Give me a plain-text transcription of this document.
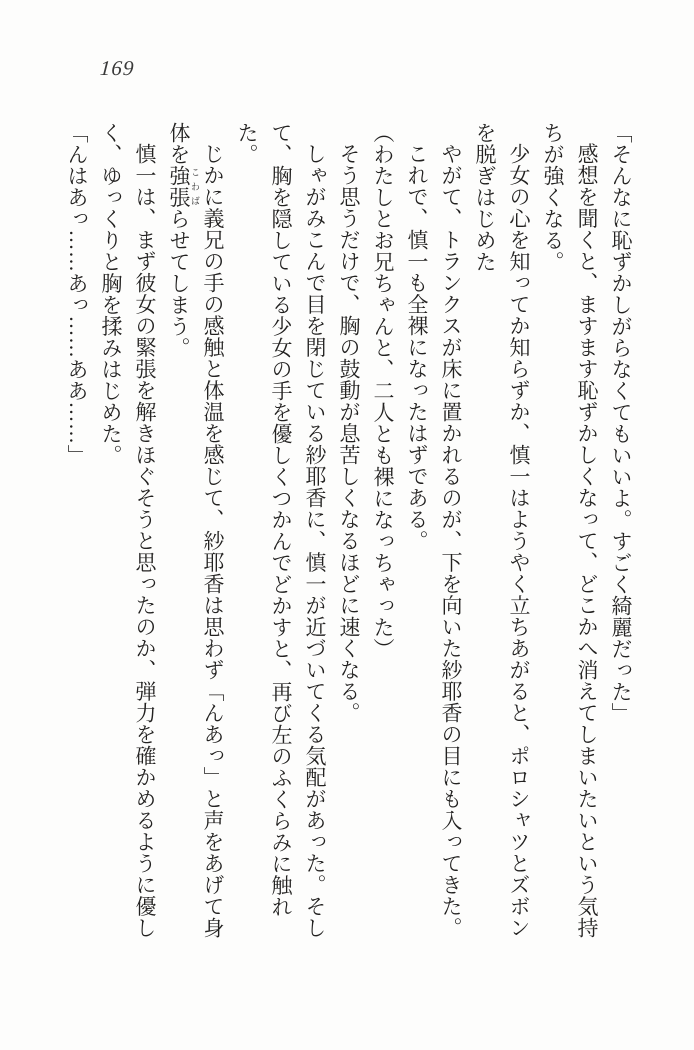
169

「そんなに恥ずかしがらなくてもいいよ。すごく綺麗だった」

感想を聞くと、ますます恥ずかしくなって、どこかへ消えてしまいたいという気持ちが強くなる。

少女の心を知ってか知らずか、慎一はようやく立ちあがると、ポロシャツとズボンを脱ぎはじめた

やがて、トランクスが床に置かれるのが、下を向いた紗耶香の目にも入ってきた。

これで、慎一も全裸になったはずである。

（わたしとお兄ちゃんと、二人とも裸になっちゃった）

そう思うだけで、胸の鼓動が息苦しくなるほどに速くなる。

しゃがみこんで目を閉じている紗耶香に、慎一が近づいてくる気配があった。そして、胸を隠している少女の手を優しくつかんでどかすと、再び左のふくらみに触れた。

じかに義兄の手の感触と体温を感じて、紗耶香は思わず「んあっ」と声をあげて身体を強張 こわばらせてしまう。

慎一は、まず彼女の緊張を解きほぐそうと思ったのか、弾力を確かめるように優しく、ゆっくりと胸を揉みはじめた。

「んはあっ……あっ……ああ……」
